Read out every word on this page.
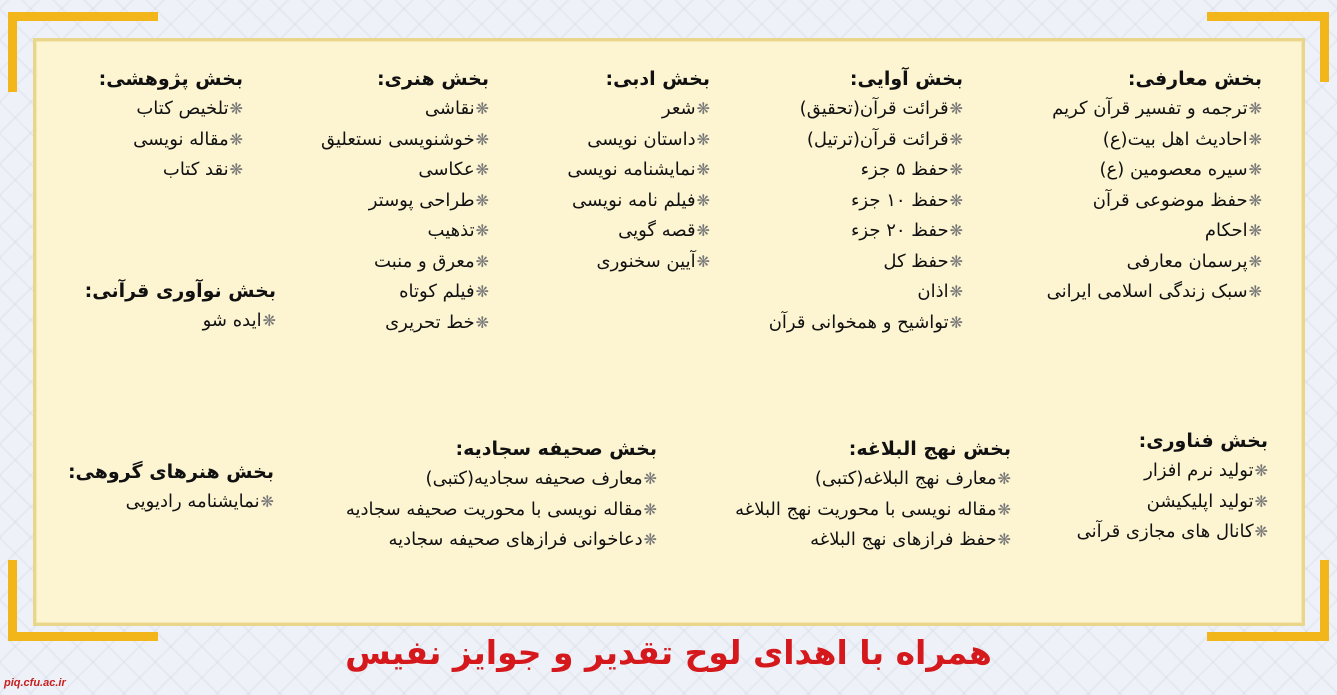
بخش معارفی:
❋ترجمه و تفسیر قرآن کریم
❋احادیث اهل بیت(ع)
❋سیره معصومین (ع)
❋حفظ موضوعی قرآن
❋احکام
❋پرسمان معارفی
❋سبک زندگی اسلامی ایرانی
بخش آوایی:
❋قرائت قرآن(تحقیق)
❋قرائت قرآن(ترتیل)
❋حفظ ۵ جزء
❋حفظ ۱۰ جزء
❋حفظ ۲۰ جزء
❋حفظ کل
❋اذان
❋تواشیح و همخوانی قرآن
بخش ادبی:
❋شعر
❋داستان نویسی
❋نمایشنامه نویسی
❋فیلم نامه نویسی
❋قصه گویی
❋آیین سخنوری
بخش هنری:
❋نقاشی
❋خوشنویسی نستعلیق
❋عکاسی
❋طراحی پوستر
❋تذهیب
❋معرق و منبت
❋فیلم کوتاه
❋خط تحریری
بخش پژوهشی:
❋تلخیص کتاب
❋مقاله نویسی
❋نقد کتاب
بخش نوآوری قرآنی:
❋ایده شو
بخش فناوری:
❋تولید نرم افزار
❋تولید اپلیکیشن
❋کانال های مجازی قرآنی
بخش نهج البلاغه:
❋معارف نهج البلاغه(کتبی)
❋مقاله نویسی با محوریت نهج البلاغه
❋حفظ فرازهای نهج البلاغه
بخش صحیفه سجادیه:
❋معارف صحیفه سجادیه(کتبی)
❋مقاله نویسی با محوریت صحیفه سجادیه
❋دعاخوانی فرازهای صحیفه سجادیه
بخش هنرهای گروهی:
❋نمایشنامه رادیویی
همراه با اهدای لوح تقدیر و جوایز نفیس
piq.cfu.ac.ir
